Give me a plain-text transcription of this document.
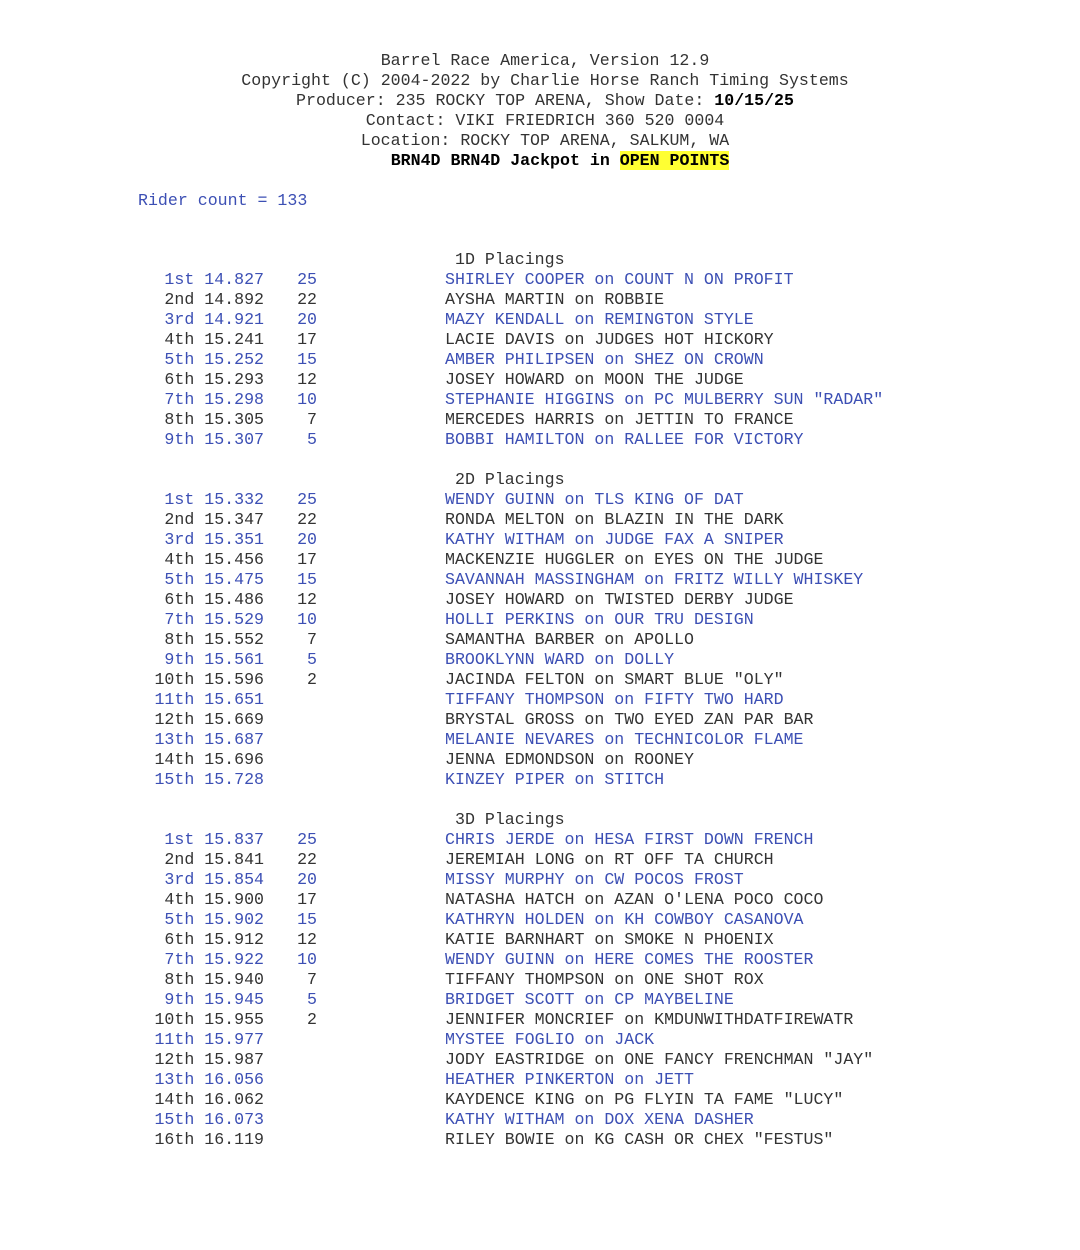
Barrel Race America, Version 12.9
Copyright (C) 2004-2022 by Charlie Horse Ranch Timing Systems
Producer: 235 ROCKY TOP ARENA, Show Date: 10/15/25
Contact: VIKI FRIEDRICH 360 520 0004
Location: ROCKY TOP ARENA, SALKUM, WA
BRN4D BRN4D Jackpot in OPEN POINTS
Rider count = 133
1D Placings
1st 14.827 25	SHIRLEY COOPER on COUNT N ON PROFIT
2nd 14.892 22	AYSHA MARTIN on ROBBIE
3rd 14.921 20	MAZY KENDALL on REMINGTON STYLE
4th 15.241 17	LACIE DAVIS on JUDGES HOT HICKORY
5th 15.252 15	AMBER PHILIPSEN on SHEZ ON CROWN
6th 15.293 12	JOSEY HOWARD on MOON THE JUDGE
7th 15.298 10	STEPHANIE HIGGINS on PC MULBERRY SUN "RADAR"
8th 15.305	7	MERCEDES HARRIS on JETTIN TO FRANCE
9th 15.307	5	BOBBI HAMILTON on RALLEE FOR VICTORY
2D Placings
1st 15.332 25	WENDY GUINN on TLS KING OF DAT
2nd 15.347 22	RONDA MELTON on BLAZIN IN THE DARK
3rd 15.351 20	KATHY WITHAM on JUDGE FAX A SNIPER
4th 15.456 17	MACKENZIE HUGGLER on EYES ON THE JUDGE
5th 15.475 15	SAVANNAH MASSINGHAM on FRITZ WILLY WHISKEY
6th 15.486 12	JOSEY HOWARD on TWISTED DERBY JUDGE
7th 15.529 10	HOLLI PERKINS on OUR TRU DESIGN
8th 15.552	7	SAMANTHA BARBER on APOLLO
9th 15.561	5	BROOKLYNN WARD on DOLLY
10th 15.596	2	JACINDA FELTON on SMART BLUE "OLY"
11th 15.651	TIFFANY THOMPSON on FIFTY TWO HARD
12th 15.669	BRYSTAL GROSS on TWO EYED ZAN PAR BAR
13th 15.687	MELANIE NEVARES on TECHNICOLOR FLAME
14th 15.696	JENNA EDMONDSON on ROONEY
15th 15.728	KINZEY PIPER on STITCH
3D Placings
1st 15.837 25	CHRIS JERDE on HESA FIRST DOWN FRENCH
2nd 15.841 22	JEREMIAH LONG on RT OFF TA CHURCH
3rd 15.854 20	MISSY MURPHY on CW POCOS FROST
4th 15.900 17	NATASHA HATCH on AZAN O'LENA POCO COCO
5th 15.902 15	KATHRYN HOLDEN on KH COWBOY CASANOVA
6th 15.912 12	KATIE BARNHART on SMOKE N PHOENIX
7th 15.922 10	WENDY GUINN on HERE COMES THE ROOSTER
8th 15.940	7	TIFFANY THOMPSON on ONE SHOT ROX
9th 15.945	5	BRIDGET SCOTT on CP MAYBELINE
10th 15.955	2	JENNIFER MONCRIEF on KMDUNWITHDATFIREWATR
11th 15.977	MYSTEE FOGLIO on JACK
12th 15.987	JODY EASTRIDGE on ONE FANCY FRENCHMAN "JAY"
13th 16.056	HEATHER PINKERTON on JETT
14th 16.062	KAYDENCE KING on PG FLYIN TA FAME "LUCY"
15th 16.073	KATHY WITHAM on DOX XENA DASHER
16th 16.119	RILEY BOWIE on KG CASH OR CHEX "FESTUS"
